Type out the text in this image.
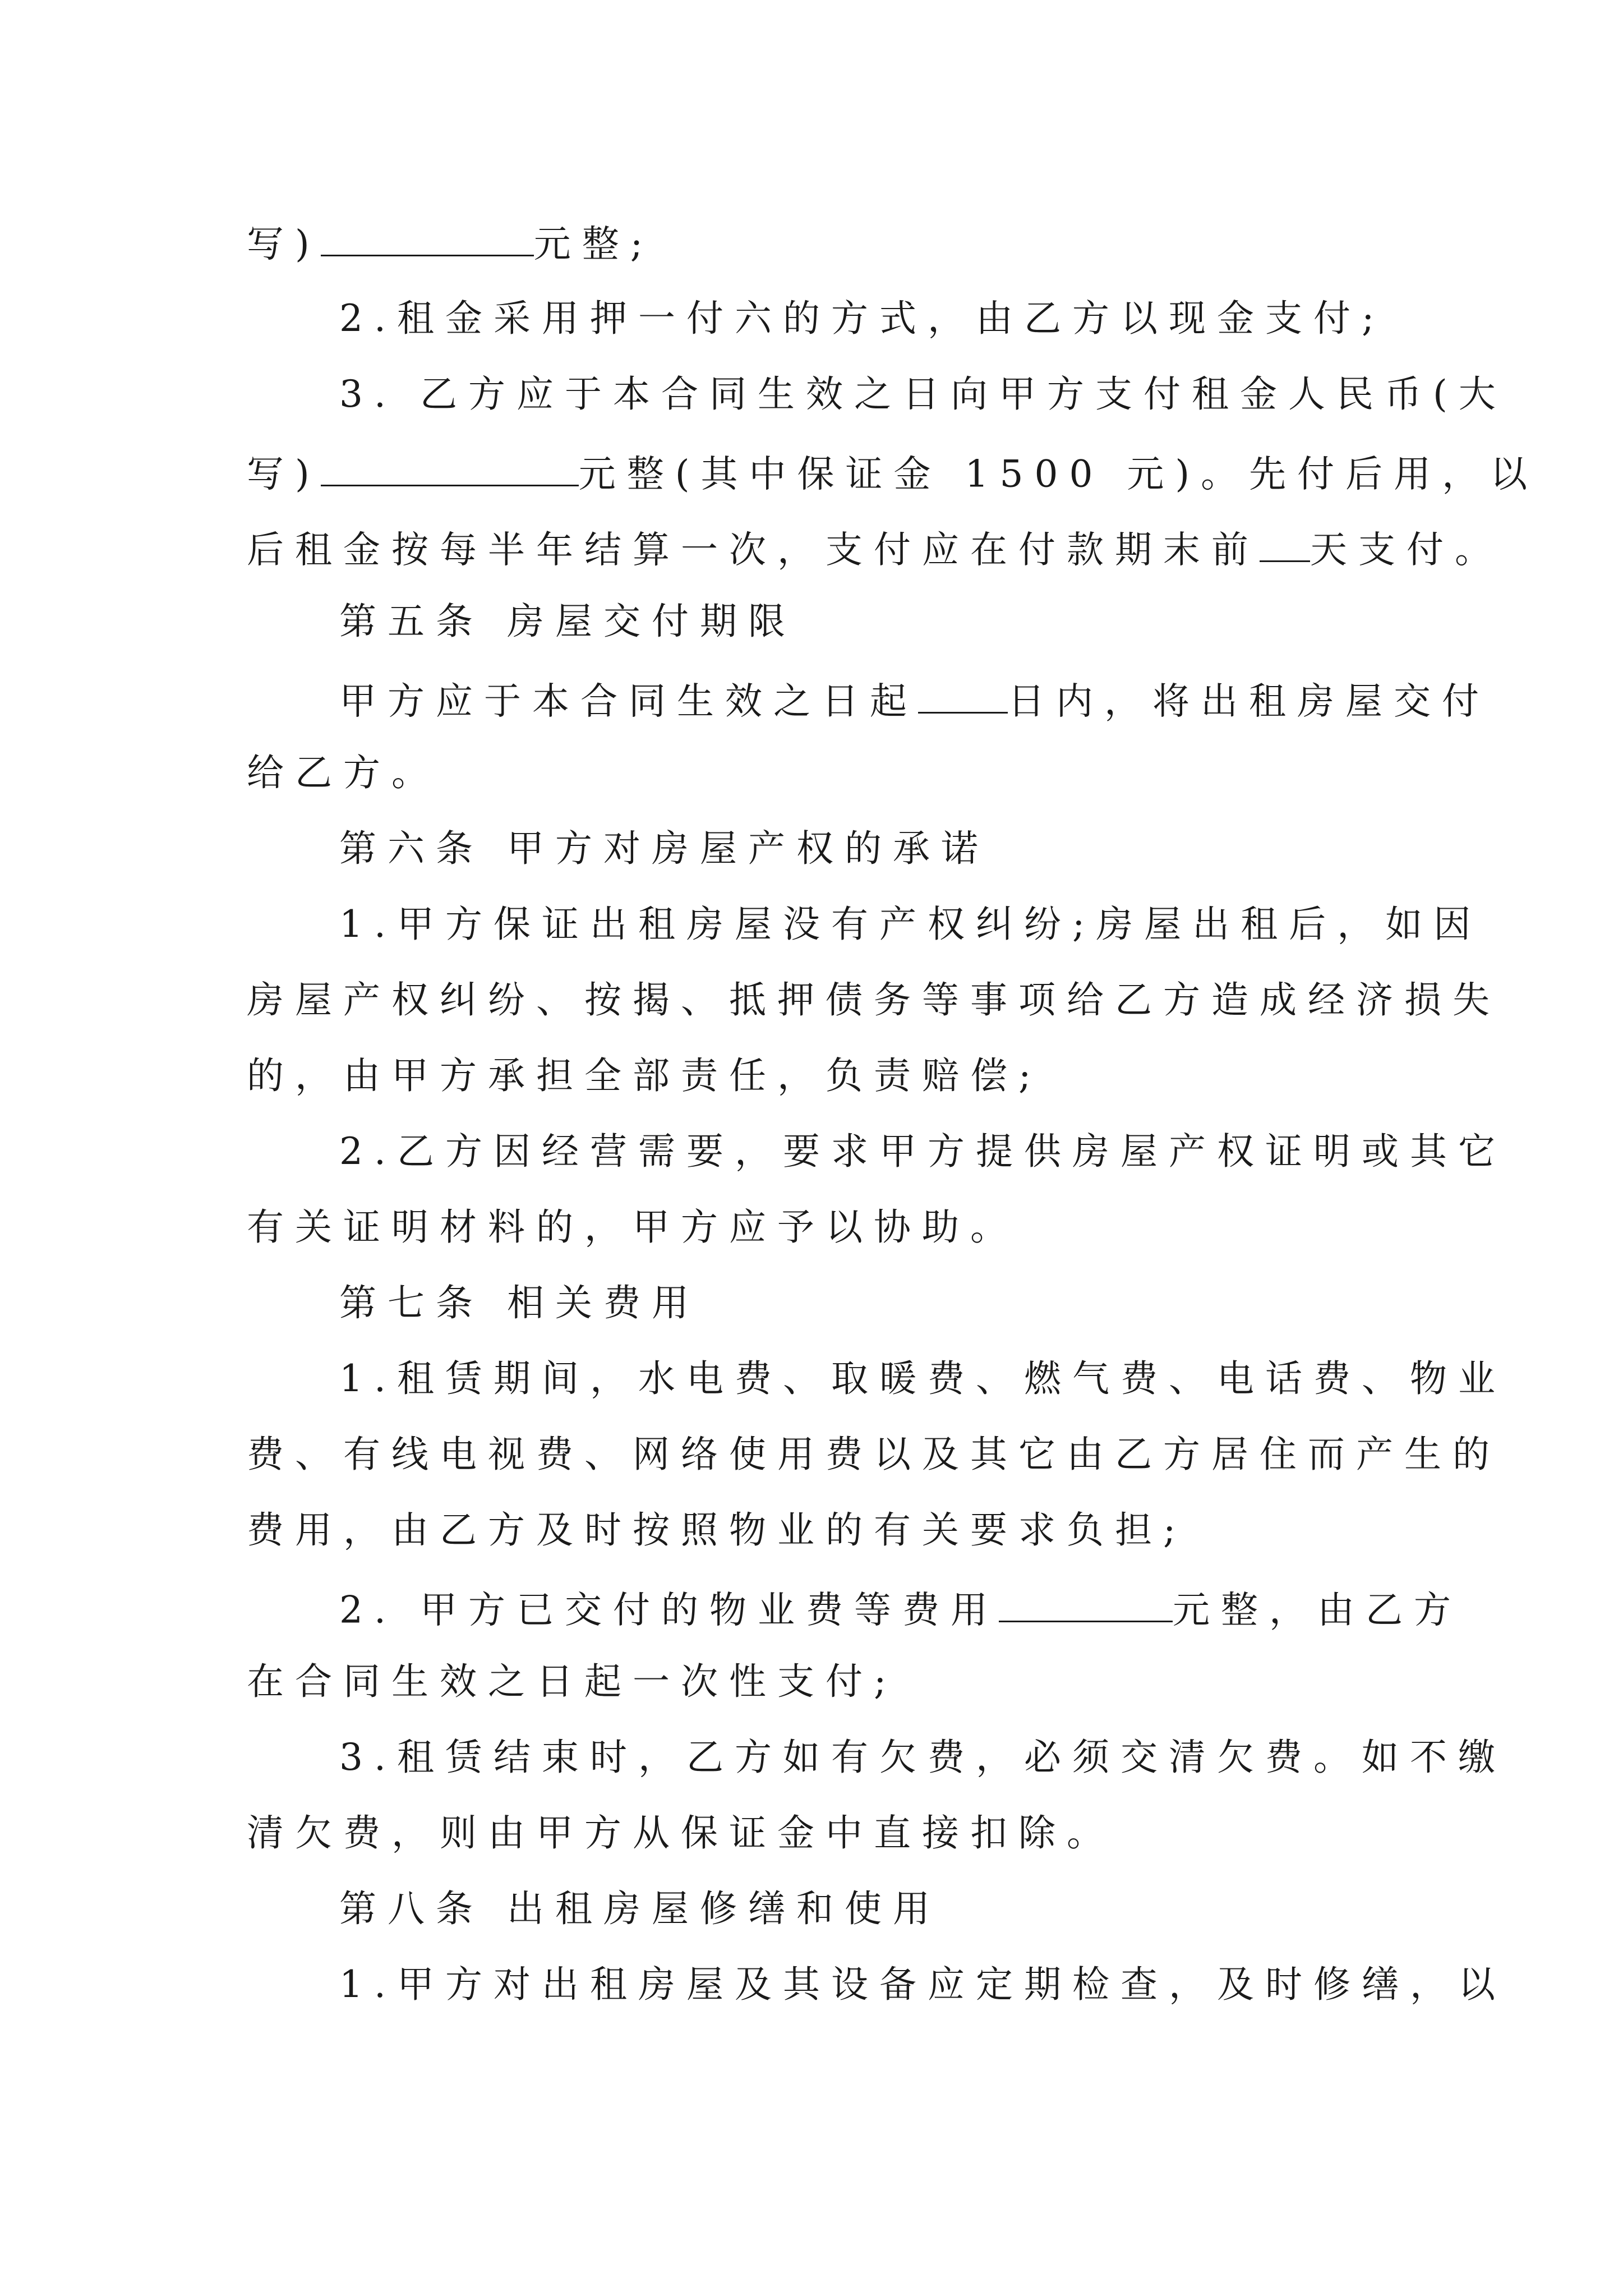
写)	元整;
2.租金采用押一付六的方式，由乙方以现金支付;
3. 乙方应于本合同生效之日向甲方支付租金人民币(大
写)	元整(其中保证金 1500 元)。先付后用，以
后租金按每半年结算一次，支付应在付款期末前 天支付。
第五条 房屋交付期限
甲方应于本合同生效之日起 日内，将出租房屋交付
给乙方。
第六条 甲方对房屋产权的承诺
1.甲方保证出租房屋没有产权纠纷;房屋出租后，如因
房屋产权纠纷、按揭、抵押债务等事项给乙方造成经济损失
的，由甲方承担全部责任，负责赔偿;
2.乙方因经营需要，要求甲方提供房屋产权证明或其它
有关证明材料的，甲方应予以协助。
第七条 相关费用
1.租赁期间，水电费、取暖费、燃气费、电话费、物业
费、有线电视费、网络使用费以及其它由乙方居住而产生的
费用，由乙方及时按照物业的有关要求负担;
2. 甲方已交付的物业费等费用	元整，由乙方
在合同生效之日起一次性支付;
3.租赁结束时，乙方如有欠费，必须交清欠费。如不缴
清欠费，则由甲方从保证金中直接扣除。
第八条 出租房屋修缮和使用
1.甲方对出租房屋及其设备应定期检查，及时修缮，以
